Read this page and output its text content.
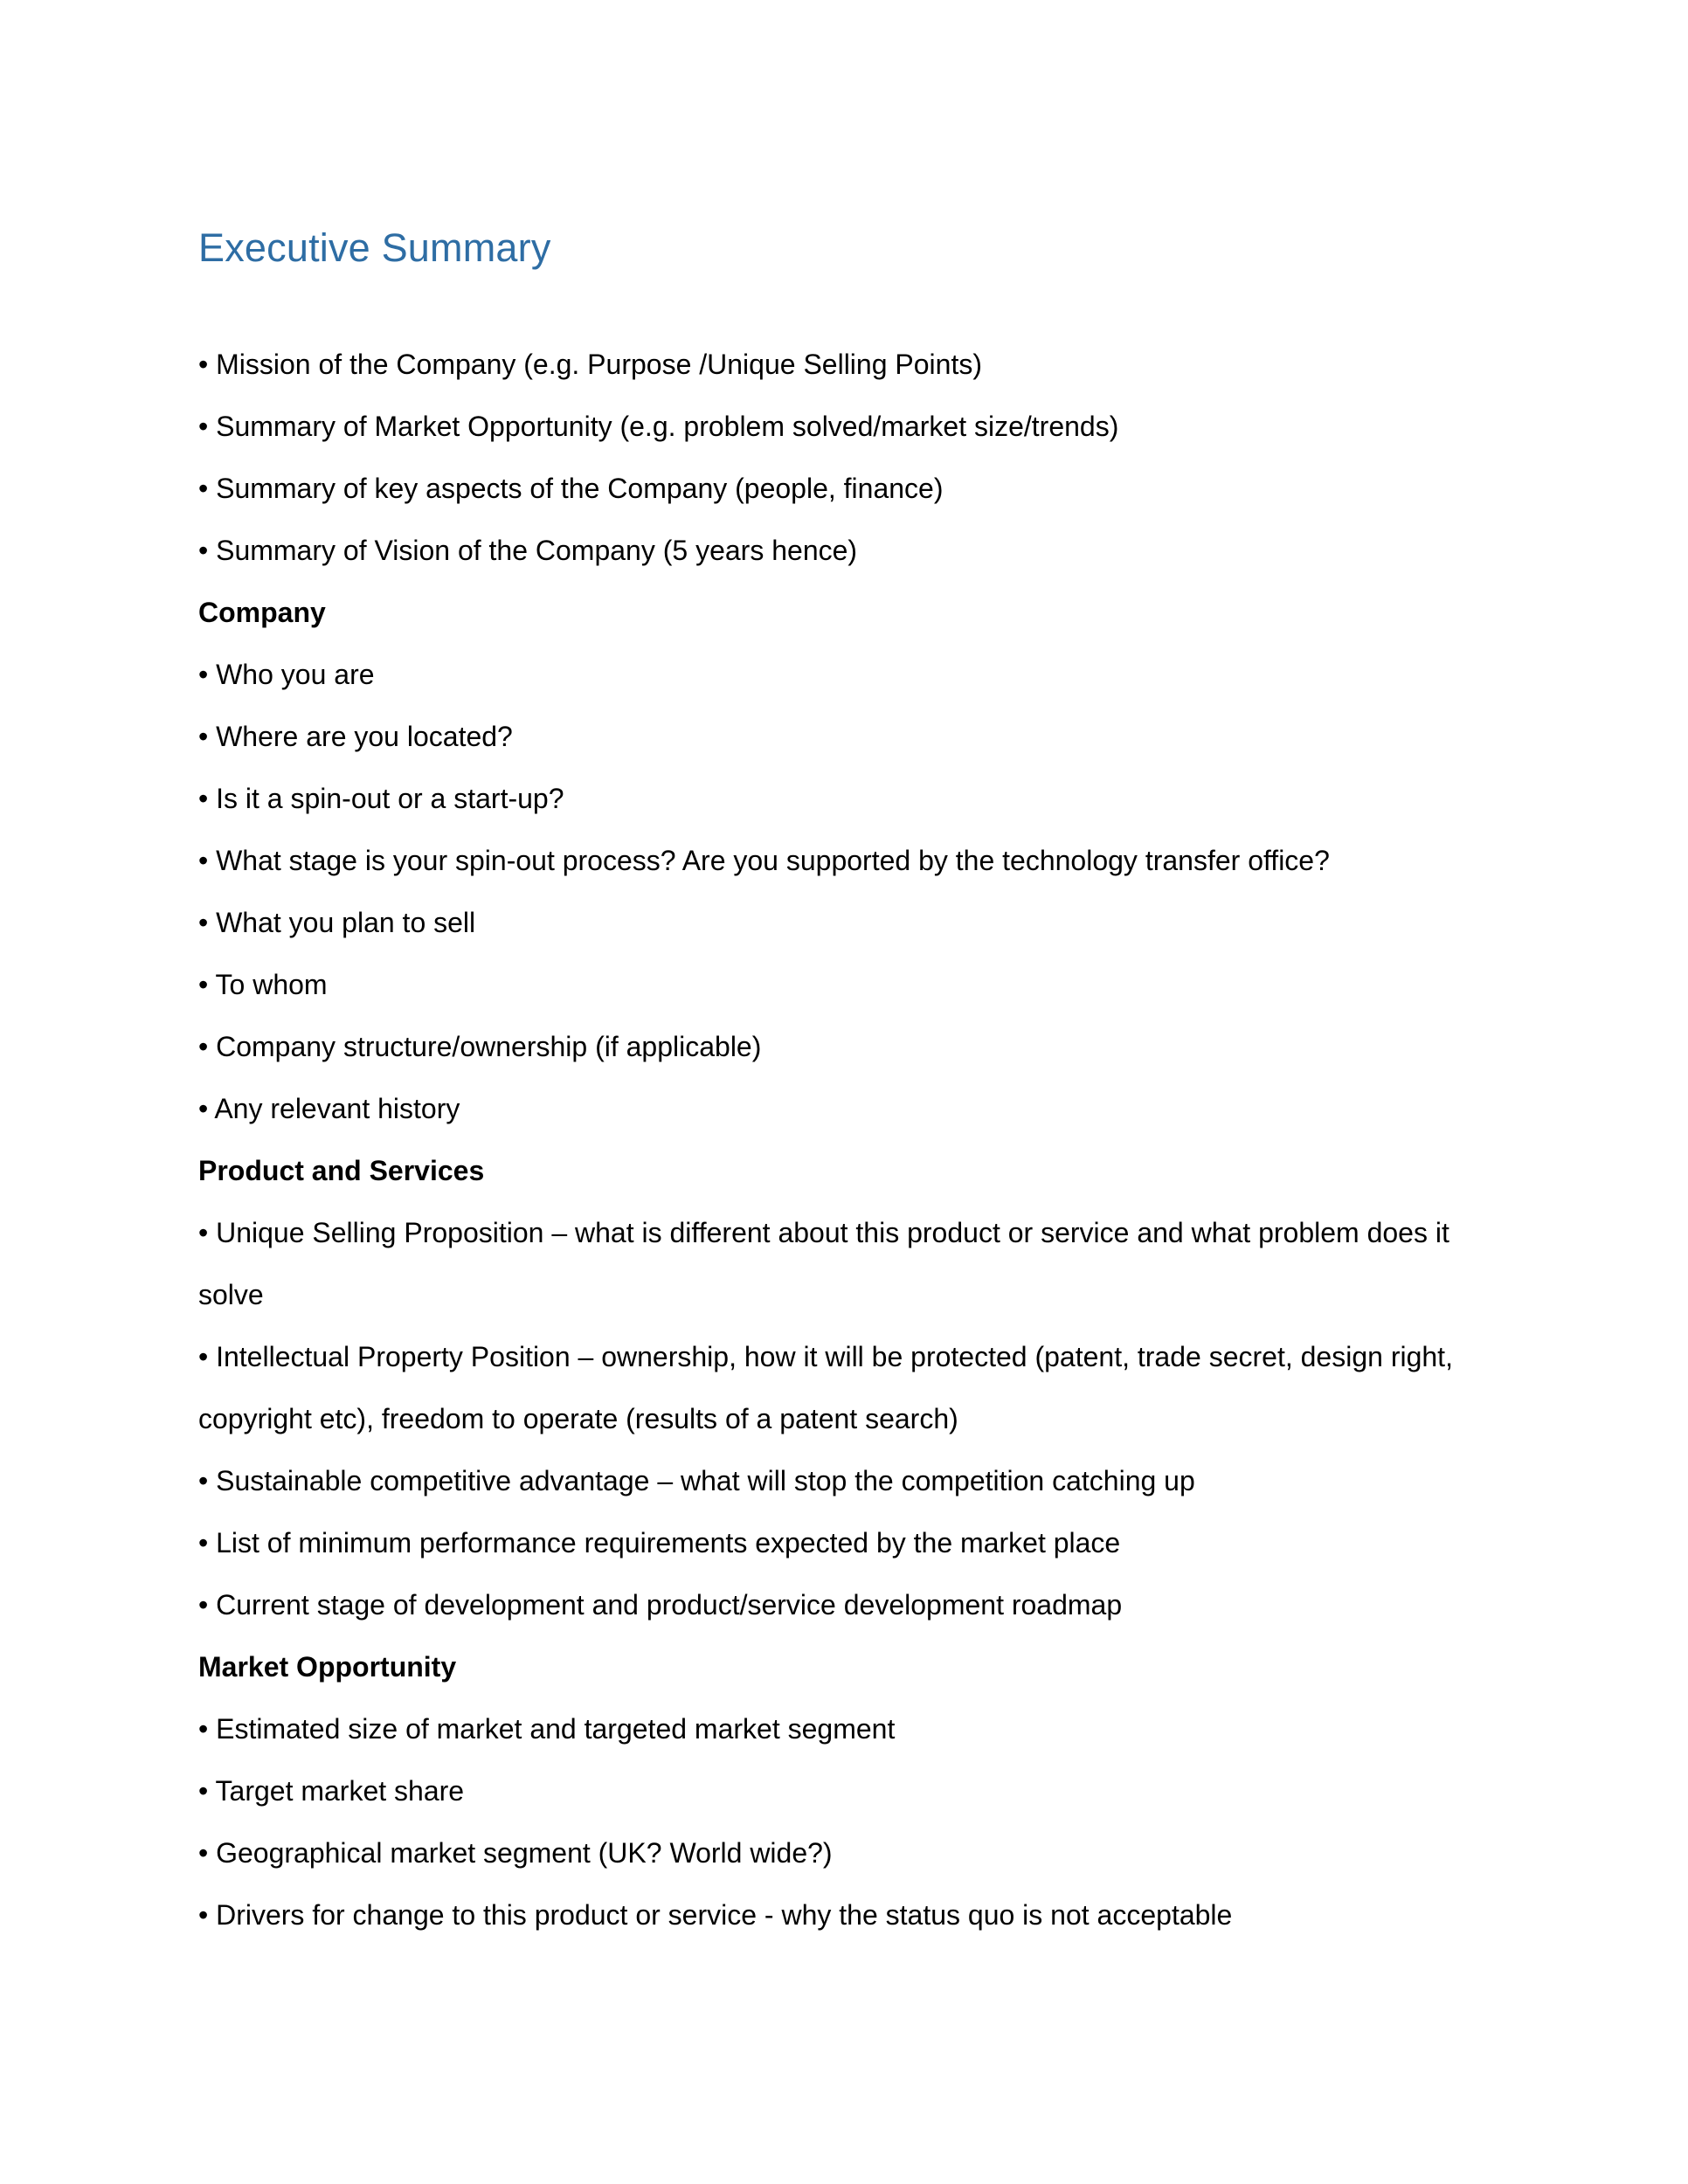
Executive Summary

• Mission of the Company (e.g. Purpose /Unique Selling Points)

• Summary of Market Opportunity (e.g. problem solved/market size/trends)

• Summary of key aspects of the Company (people, finance)

• Summary of Vision of the Company (5 years hence)

Company

• Who you are

• Where are you located?

• Is it a spin-out or a start-up?

• What stage is your spin-out process? Are you supported by the technology transfer office?

• What you plan to sell

• To whom

• Company structure/ownership (if applicable)

• Any relevant history

Product and Services

• Unique Selling Proposition – what is different about this product or service and what problem does it

solve

• Intellectual Property Position – ownership, how it will be protected (patent, trade secret, design right,

copyright etc), freedom to operate (results of a patent search)

• Sustainable competitive advantage – what will stop the competition catching up

• List of minimum performance requirements expected by the market place

• Current stage of development and product/service development roadmap

Market Opportunity

• Estimated size of market and targeted market segment

• Target market share

• Geographical market segment (UK? World wide?)

• Drivers for change to this product or service - why the status quo is not acceptable
